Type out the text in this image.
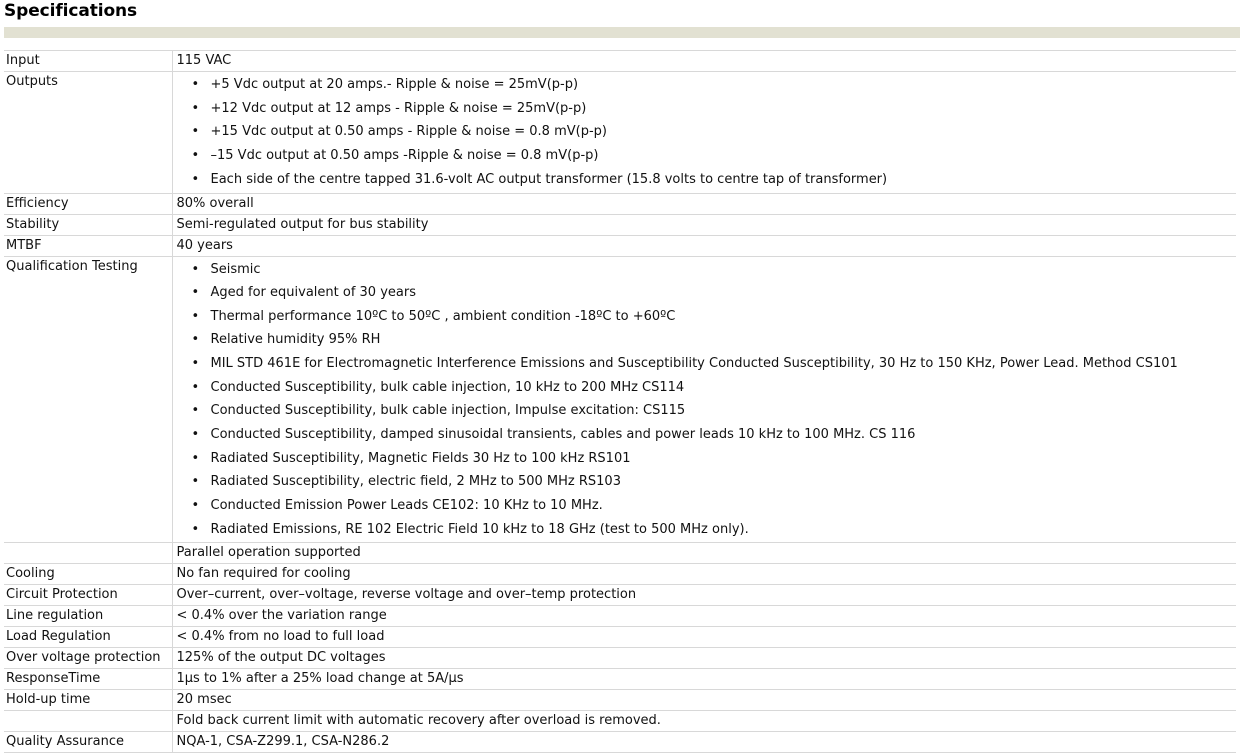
Specifications
Input	115 VAC
Outputs	
•+5 Vdc output at 20 amps.- Ripple & noise = 25mV(p-p)
• +12 Vdc output at 12 amps - Ripple & noise = 25mV(p-p)
• +15 Vdc output at 0.50 amps - Ripple & noise = 0.8 mV(p-p)
• –15 Vdc output at 0.50 amps -Ripple & noise = 0.8 mV(p-p)
• Each side of the centre tapped 31.6-volt AC output transformer (15.8 volts to centre tap of transformer)

Efficiency	80% overall
Stability	Semi-regulated output for bus stability
MTBF	40 years
Qualification Testing	
•Seismic
• Aged for equivalent of 30 years
• Thermal performance 10ºC to 50ºC , ambient condition -18ºC to +60ºC
• Relative humidity 95% RH
• MIL STD 461E for Electromagnetic Interference Emissions and Susceptibility Conducted Susceptibility, 30 Hz to 150 KHz, Power Lead. Method CS101
• Conducted Susceptibility, bulk cable injection, 10 kHz to 200 MHz CS114
• Conducted Susceptibility, bulk cable injection, Impulse excitation: CS115
• Conducted Susceptibility, damped sinusoidal transients, cables and power leads 10 kHz to 100 MHz. CS 116
• Radiated Susceptibility, Magnetic Fields 30 Hz to 100 kHz RS101
• Radiated Susceptibility, electric field, 2 MHz to 500 MHz RS103
• Conducted Emission Power Leads CE102: 10 KHz to 10 MHz.
• Radiated Emissions, RE 102 Electric Field 10 kHz to 18 GHz (test to 500 MHz only).

	Parallel operation supported
Cooling	No fan required for cooling
Circuit Protection	Over–current, over–voltage, reverse voltage and over–temp protection
Line regulation	< 0.4% over the variation range
Load Regulation	< 0.4% from no load to full load
Over voltage protection	125% of the output DC voltages
ResponseTime	1µs to 1% after a 25% load change at 5A/µs
Hold-up time	20 msec
	Fold back current limit with automatic recovery after overload is removed.
Quality Assurance	NQA-1, CSA-Z299.1, CSA-N286.2
